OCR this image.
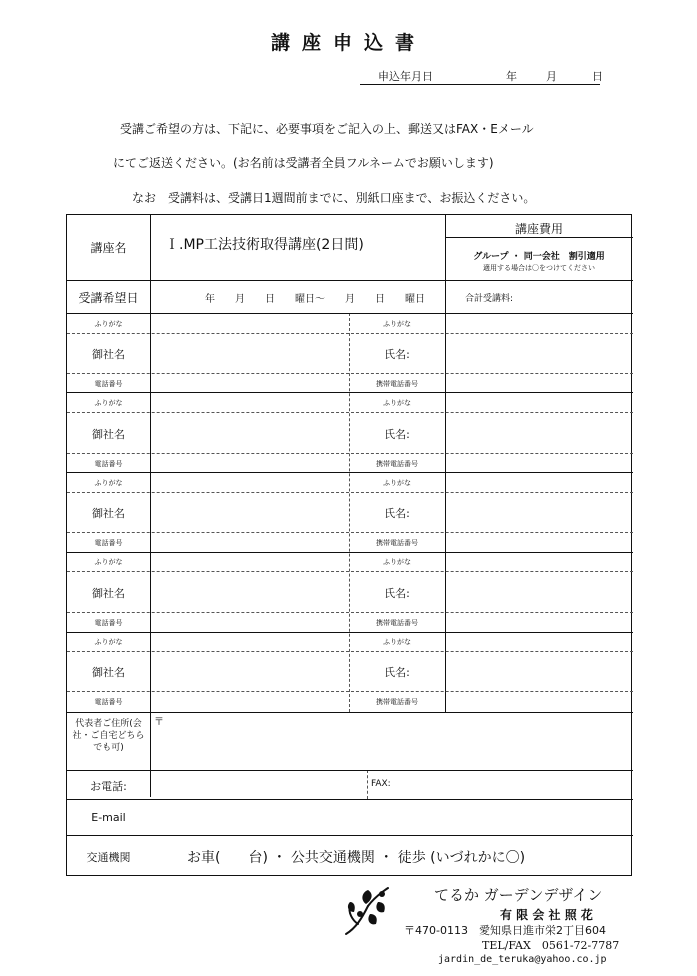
講座申込書
申込年月日	年	月	日
受講ご希望の方は、下記に、必要事項をご記入の上、郵送又はFAX・Eメール
にてご返送ください。(お名前は受講者全員フルネームでお願いします)
なお　受講料は、受講日1週間前までに、別紙口座まで、お振込ください。
講座名	Ｉ.MP工法技術取得講座(2日間)
講座費用
グループ ・ 同一会社　割引適用
適用する場合は〇をつけてください
受講希望日	年　　月　　日　　曜日～　　月　　日　　曜日	合計受講料:
ふりがな	ふりがな
御社名	氏名:
電話番号	携帯電話番号
ふりがな	ふりがな
御社名	氏名:
電話番号	携帯電話番号
ふりがな	ふりがな
御社名	氏名:
電話番号	携帯電話番号
ふりがな	ふりがな
御社名	氏名:
電話番号	携帯電話番号
ふりがな	ふりがな
御社名	氏名:
電話番号	携帯電話番号
代表者ご住所(会社・ご自宅どちらでも可)
〒
お電話:	FAX:
E-mail
交通機関	お車(　　台) ・ 公共交通機関 ・ 徒歩 (いづれかに〇)
てるか ガーデンデザイン
有 限 会 社 照 花
〒470-0113　愛知県日進市栄2丁目604
TEL/FAX　0561-72-7787
jardin_de_teruka@yahoo.co.jp
